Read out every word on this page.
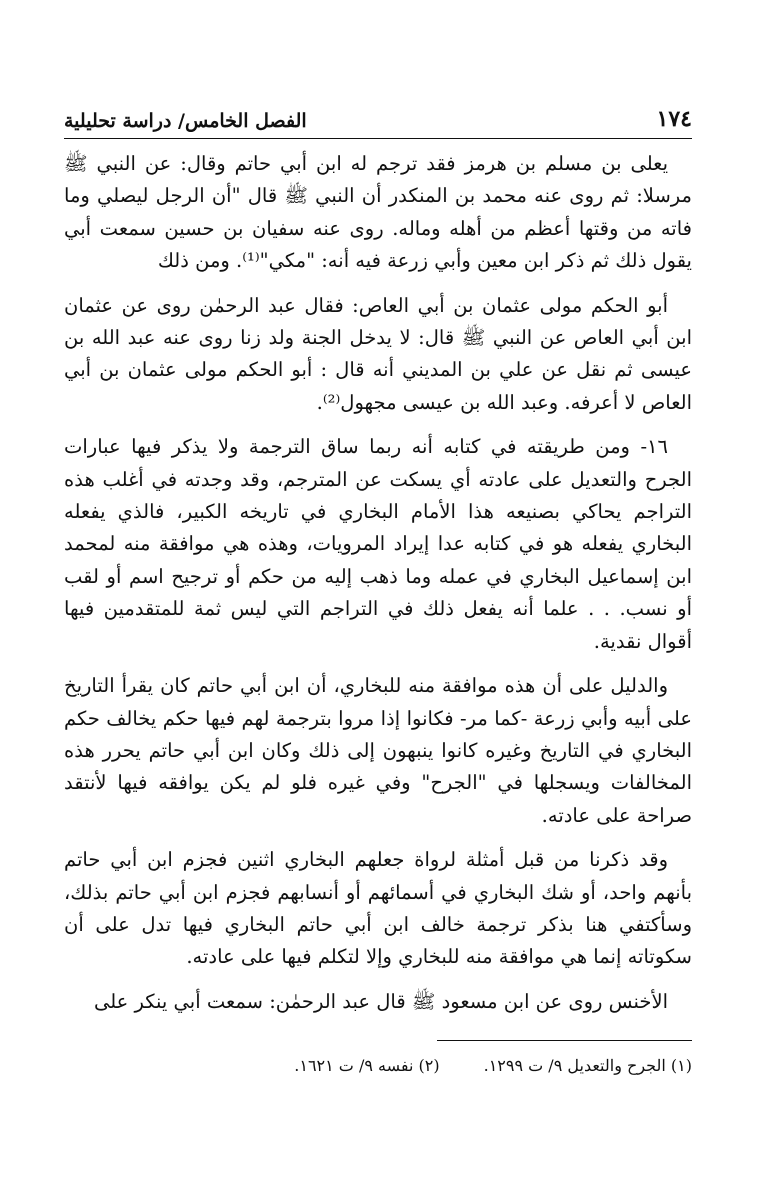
١٧٤
الفصل الخامس/ دراسة تحليلية

يعلى بن مسلم بن هرمز فقد ترجم له ابن أبي حاتم وقال: عن النبي ﷺ مرسلا: ثم روى عنه محمد بن المنكدر أن النبي ﷺ قال "أن الرجل ليصلي وما فاته من وقتها أعظم من أهله وماله. روى عنه سفيان بن حسين سمعت أبي يقول ذلك ثم ذكر ابن معين وأبي زرعة فيه أنه: "مكي"⁽¹⁾. ومن ذلك

أبو الحكم مولى عثمان بن أبي العاص: فقال عبد الرحمٰن روى عن عثمان ابن أبي العاص عن النبي ﷺ قال: لا يدخل الجنة ولد زنا روى عنه عبد الله بن عيسى ثم نقل عن علي بن المديني أنه قال : أبو الحكم مولى عثمان بن أبي العاص لا أعرفه. وعبد الله بن عيسى مجهول⁽²⁾.

١٦- ومن طريقته في كتابه أنه ربما ساق الترجمة ولا يذكر فيها عبارات الجرح والتعديل على عادته أي يسكت عن المترجم، وقد وجدته في أغلب هذه التراجم يحاكي بصنيعه هذا الأمام البخاري في تاريخه الكبير، فالذي يفعله البخاري يفعله هو في كتابه عدا إيراد المرويات، وهذه هي موافقة منه لمحمد ابن إسماعيل البخاري في عمله وما ذهب إليه من حكم أو ترجيح اسم أو لقب أو نسب. . . علما أنه يفعل ذلك في التراجم التي ليس ثمة للمتقدمين فيها أقوال نقدية.

والدليل على أن هذه موافقة منه للبخاري، أن ابن أبي حاتم كان يقرأ التاريخ على أبيه وأبي زرعة -كما مر- فكانوا إذا مروا بترجمة لهم فيها حكم يخالف حكم البخاري في التاريخ وغيره كانوا ينبهون إلى ذلك وكان ابن أبي حاتم يحرر هذه المخالفات ويسجلها في "الجرح" وفي غيره فلو لم يكن يوافقه فيها لأنتقد صراحة على عادته.

وقد ذكرنا من قبل أمثلة لرواة جعلهم البخاري اثنين فجزم ابن أبي حاتم بأنهم واحد، أو شك البخاري في أسمائهم أو أنسابهم فجزم ابن أبي حاتم بذلك، وسأكتفي هنا بذكر ترجمة خالف ابن أبي حاتم البخاري فيها تدل على أن سكوتاته إنما هي موافقة منه للبخاري وإلا لتكلم فيها على عادته.

الأخنس روى عن ابن مسعود ﷺ قال عبد الرحمٰن: سمعت أبي ينكر على

(١) الجرح والتعديل ٩/ ت ١٢٩٩.
(٢) نفسه ٩/ ت ١٦٢١.
